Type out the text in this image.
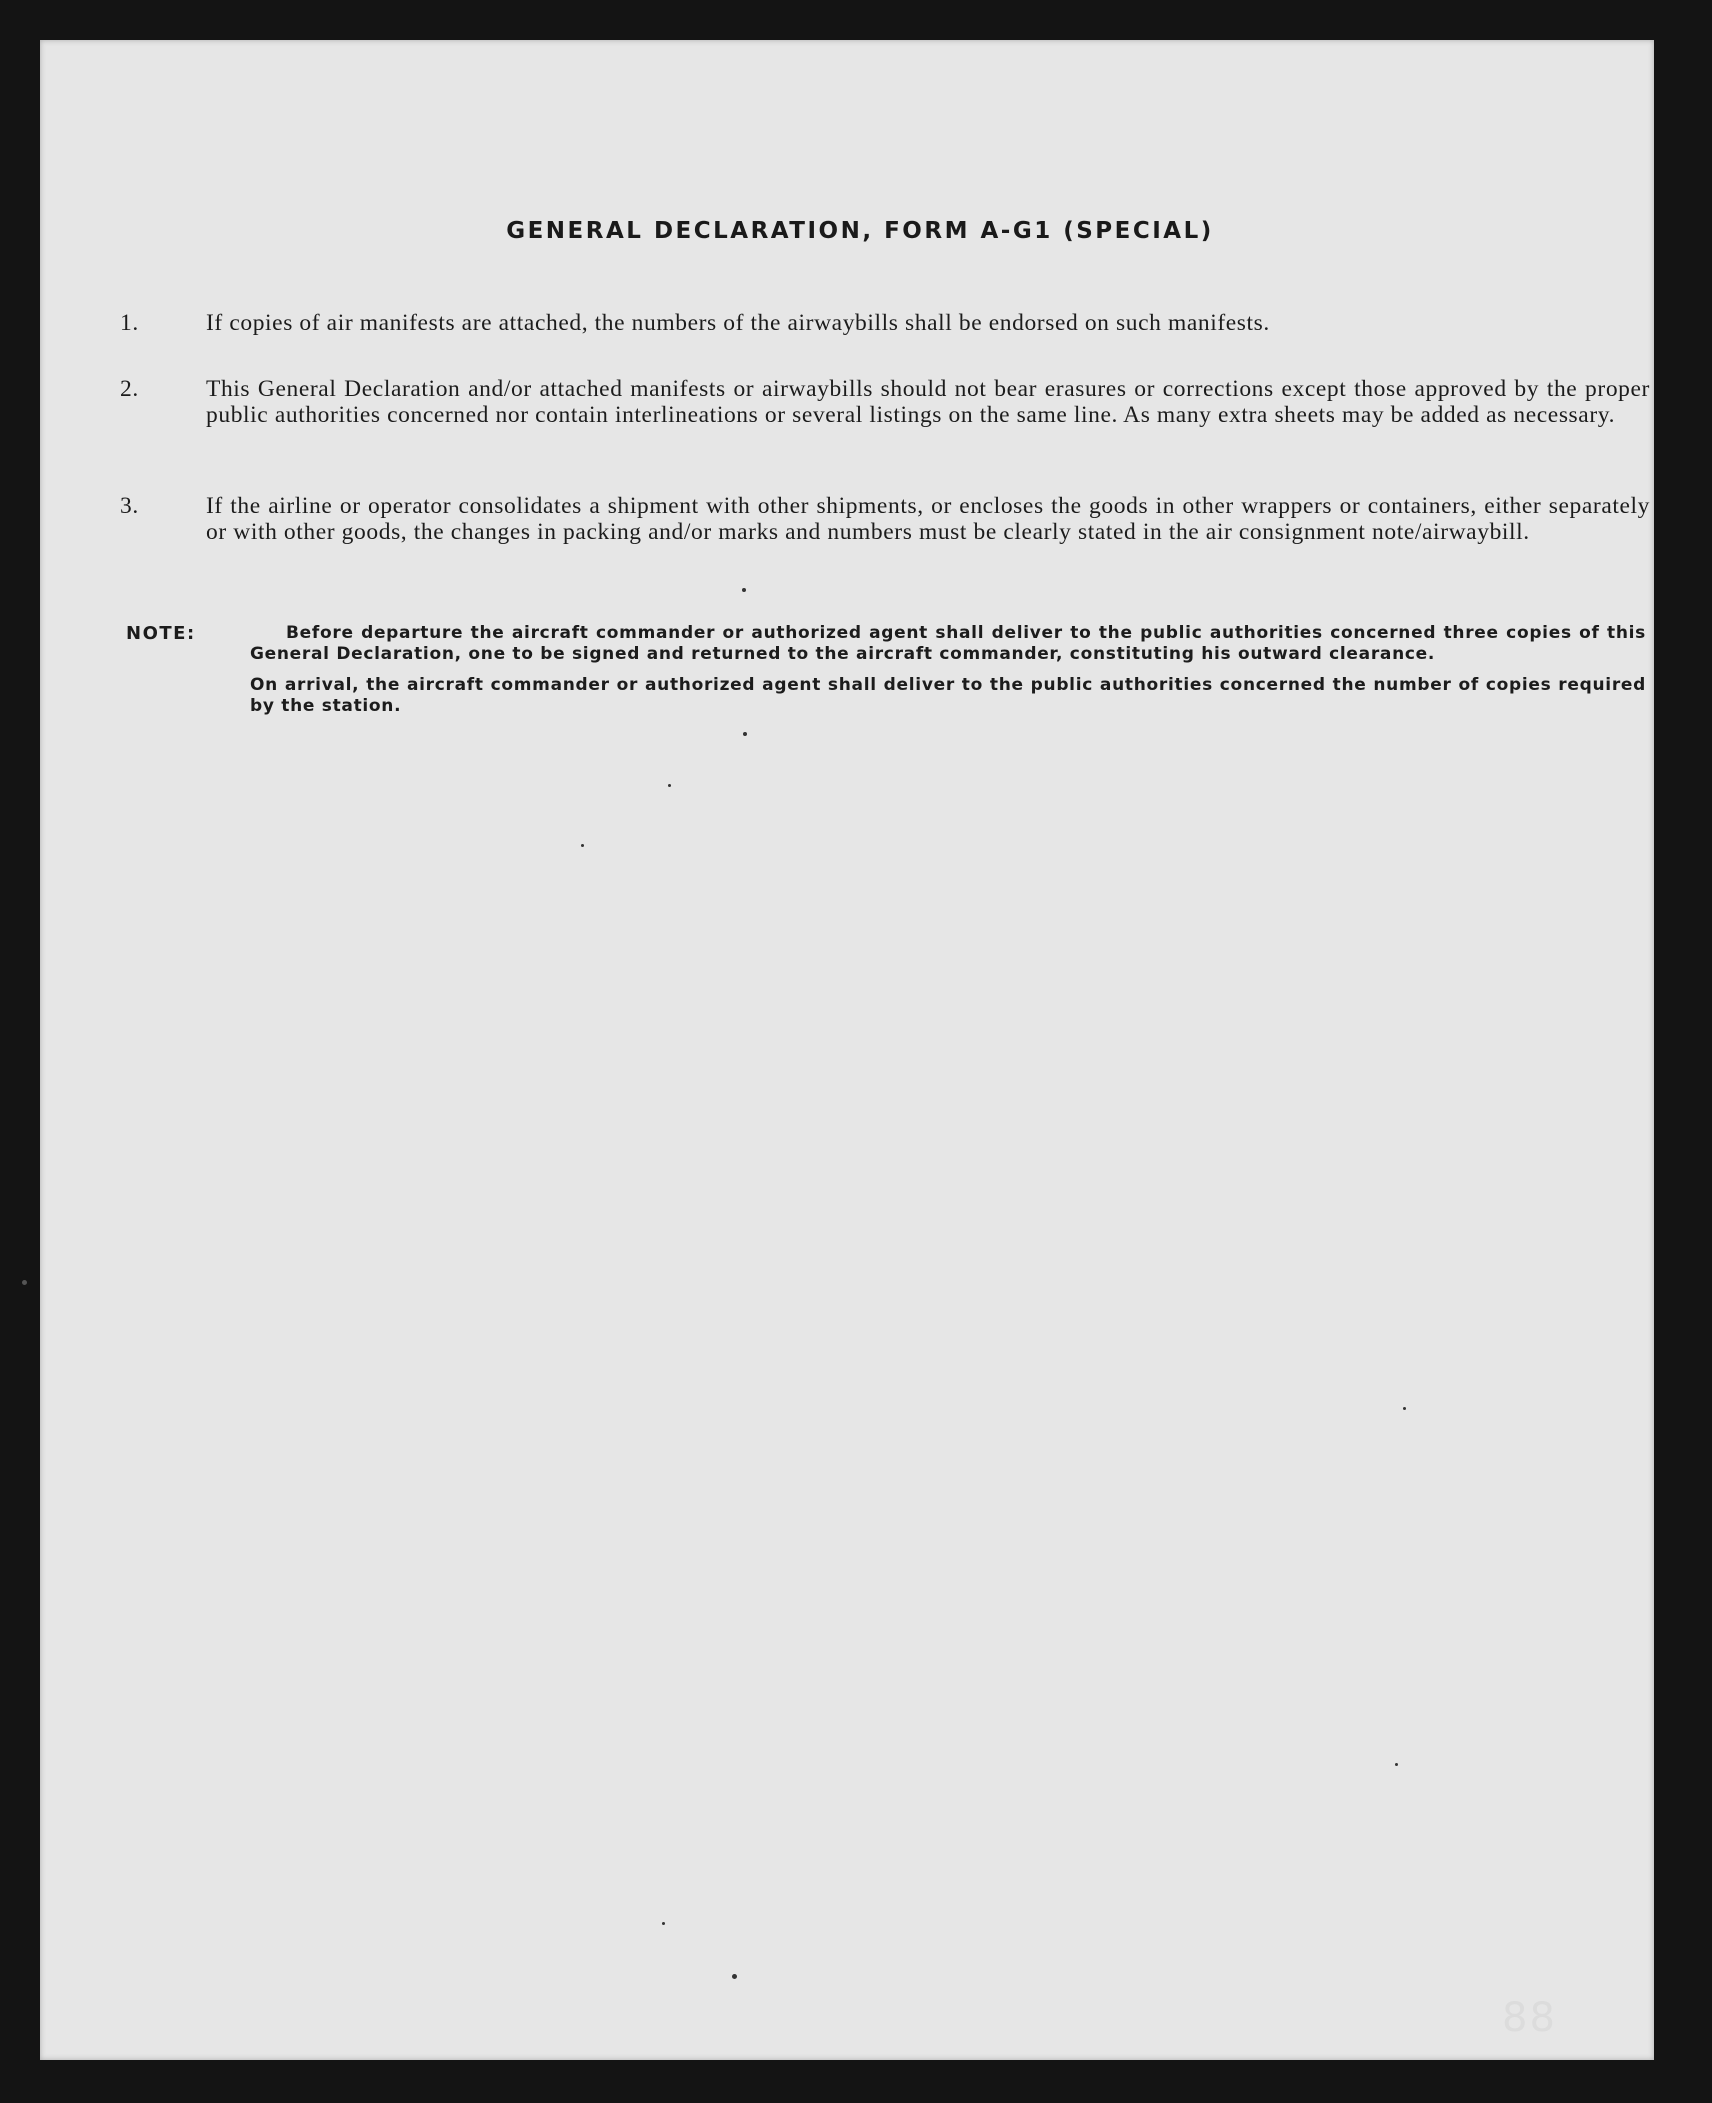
GENERAL DECLARATION, FORM A-G1 (SPECIAL)
1.	If copies of air manifests are attached, the numbers of the airwaybills shall be endorsed on such manifests.
2.	This General Declaration and/or attached manifests or airwaybills should not bear erasures or corrections except those approved by the proper public authorities concerned nor contain interlineations or several listings on the same line. As many extra sheets may be added as necessary.
3.	If the airline or operator consolidates a shipment with other shipments, or encloses the goods in other wrappers or containers, either separately or with other goods, the changes in packing and/or marks and numbers must be clearly stated in the air consignment note/airwaybill.
NOTE:	Before departure the aircraft commander or authorized agent shall deliver to the public authorities concerned three copies of this General Declaration, one to be signed and returned to the aircraft commander, constituting his outward clearance.
On arrival, the aircraft commander or authorized agent shall deliver to the public authorities concerned the number of copies required by the station.
88
